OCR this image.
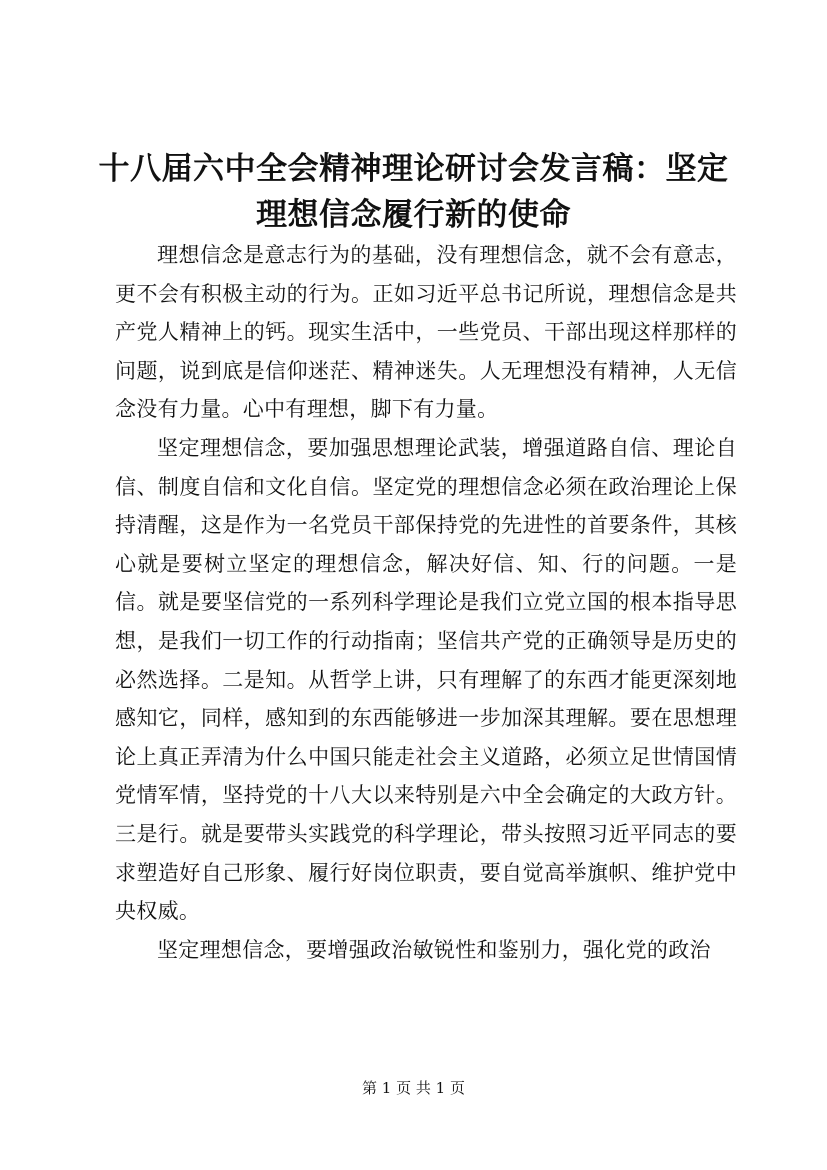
十八届六中全会精神理论研讨会发言稿：坚定理想信念履行新的使命

理想信念是意志行为的基础，没有理想信念，就不会有意志，更不会有积极主动的行为。正如习近平总书记所说，理想信念是共产党人精神上的钙。现实生活中，一些党员、干部出现这样那样的问题，说到底是信仰迷茫、精神迷失。人无理想没有精神，人无信念没有力量。心中有理想，脚下有力量。

坚定理想信念，要加强思想理论武装，增强道路自信、理论自信、制度自信和文化自信。坚定党的理想信念必须在政治理论上保持清醒，这是作为一名党员干部保持党的先进性的首要条件，其核心就是要树立坚定的理想信念，解决好信、知、行的问题。一是信。就是要坚信党的一系列科学理论是我们立党立国的根本指导思想，是我们一切工作的行动指南；坚信共产党的正确领导是历史的必然选择。二是知。从哲学上讲，只有理解了的东西才能更深刻地感知它，同样，感知到的东西能够进一步加深其理解。要在思想理论上真正弄清为什么中国只能走社会主义道路，必须立足世情国情党情军情，坚持党的十八大以来特别是六中全会确定的大政方针。三是行。就是要带头实践党的科学理论，带头按照习近平同志的要求塑造好自己形象、履行好岗位职责，要自觉高举旗帜、维护党中央权威。

坚定理想信念，要增强政治敏锐性和鉴别力，强化党的政治

第 1 页 共 1 页
